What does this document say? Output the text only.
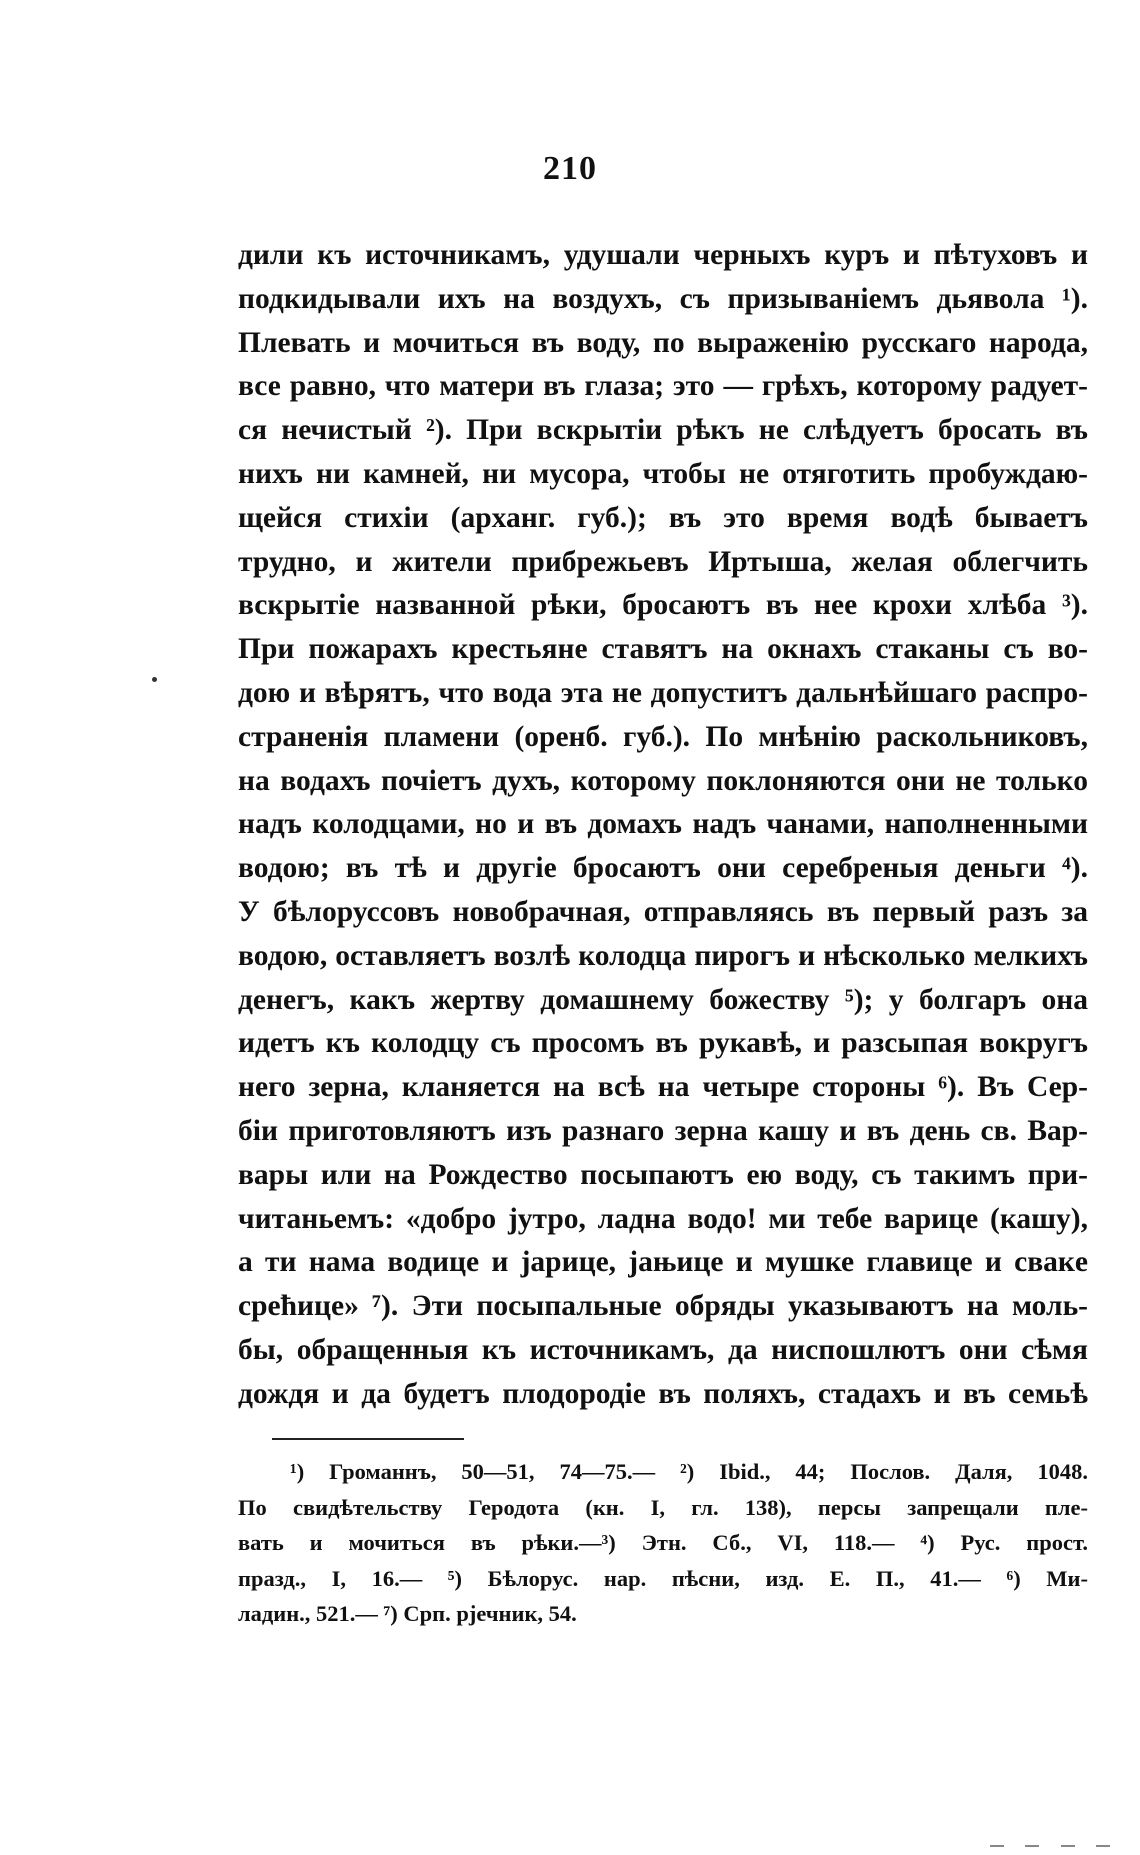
210
дили къ источникамъ, удушали черныхъ куръ и пѣтуховъ и
подкидывали ихъ на воздухъ, съ призываніемъ дьявола ¹).
Плевать и мочиться въ воду, по выраженію русскаго народа,
все равно, что матери въ глаза; это — грѣхъ, которому радует-
ся нечистый ²). При вскрытіи рѣкъ не слѣдуетъ бросать въ
нихъ ни камней, ни мусора, чтобы не отяготить пробуждаю-
щейся стихіи (арханг. губ.); въ это время водѣ бываетъ
трудно, и жители прибрежьевъ Иртыша, желая облегчить
вскрытіе названной рѣки, бросаютъ въ нее крохи хлѣба ³).
При пожарахъ крестьяне ставятъ на окнахъ стаканы съ во-
дою и вѣрятъ, что вода эта не допуститъ дальнѣйшаго распро-
страненія пламени (оренб. губ.). По мнѣнію раскольниковъ,
на водахъ почіетъ духъ, которому поклоняются они не только
надъ колодцами, но и въ домахъ надъ чанами, наполненными
водою; въ тѣ и другіе бросаютъ они серебреныя деньги ⁴).
У бѣлоруссовъ новобрачная, отправляясь въ первый разъ за
водою, оставляетъ возлѣ колодца пирогъ и нѣсколько мелкихъ
денегъ, какъ жертву домашнему божеству ⁵); у болгаръ она
идетъ къ колодцу съ просомъ въ рукавѣ, и разсыпая вокругъ
него зерна, кланяется на всѣ на четыре стороны ⁶). Въ Сер-
біи приготовляютъ изъ разнаго зерна кашу и въ день св. Вар-
вары или на Рождество посыпаютъ ею воду, съ такимъ при-
читаньемъ: «добро јутро, ладна водо! ми тебе варице (кашу),
а ти нама водице и јарице, јањице и мушке главице и свакe
срећице» ⁷). Эти посыпальные обряды указываютъ на моль-
бы, обращенныя къ источникамъ, да ниспошлютъ они сѣмя
дождя и да будетъ плодородіе въ поляхъ, стадахъ и въ семьѣ
¹) Громаннъ, 50—51, 74—75.— ²) Ibid., 44; Послов. Даля, 1048.
По свидѣтельству Геродота (кн. I, гл. 138), персы запрещали пле-
вать и мочиться въ рѣки.—³) Этн. Сб., VI, 118.— ⁴) Рус. прост.
празд., I, 16.— ⁵) Бѣлорус. нар. пѣсни, изд. Е. П., 41.— ⁶) Ми-
ладин., 521.— ⁷) Срп. рјечник, 54.
